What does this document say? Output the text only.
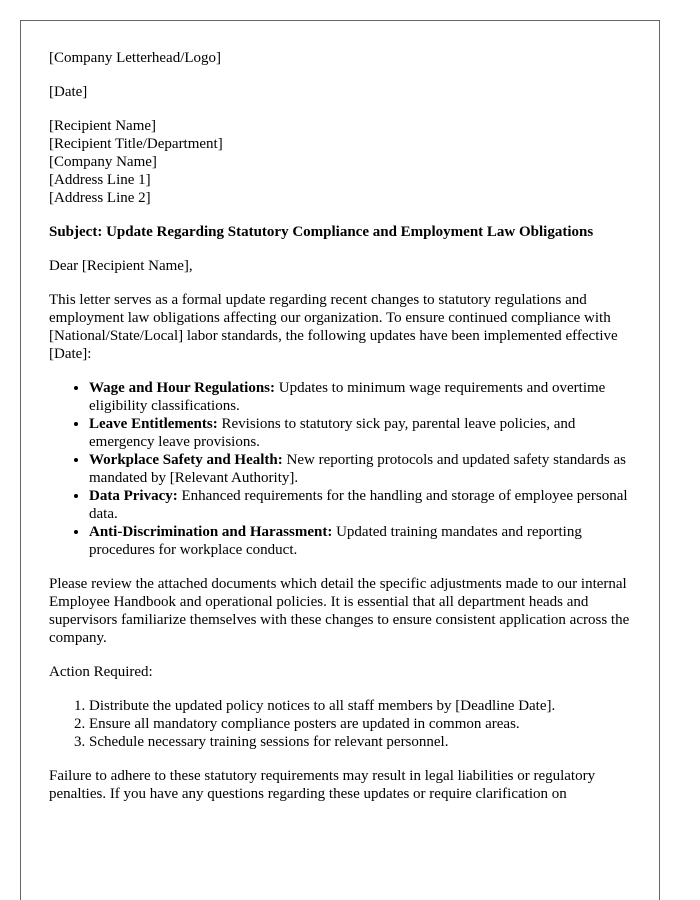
[Company Letterhead/Logo]

[Date]

[Recipient Name]

[Recipient Title/Department]

[Company Name]

[Address Line 1]

[Address Line 2]

Subject: Update Regarding Statutory Compliance and Employment Law Obligations

Dear [Recipient Name],

This letter serves as a formal update regarding recent changes to statutory regulations and employment law obligations affecting our organization. To ensure continued compliance with [National/State/Local] labor standards, the following updates have been implemented effective [Date]:

• Wage and Hour Regulations: Updates to minimum wage requirements and overtime eligibility classifications.
• Leave Entitlements: Revisions to statutory sick pay, parental leave policies, and emergency leave provisions.
• Workplace Safety and Health: New reporting protocols and updated safety standards as mandated by [Relevant Authority].
• Data Privacy: Enhanced requirements for the handling and storage of employee personal data.
• Anti-Discrimination and Harassment: Updated training mandates and reporting procedures for workplace conduct.

Please review the attached documents which detail the specific adjustments made to our internal Employee Handbook and operational policies. It is essential that all department heads and supervisors familiarize themselves with these changes to ensure consistent application across the company.

Action Required:

1. Distribute the updated policy notices to all staff members by [Deadline Date].
2. Ensure all mandatory compliance posters are updated in common areas.
3. Schedule necessary training sessions for relevant personnel.

Failure to adhere to these statutory requirements may result in legal liabilities or regulatory penalties. If you have any questions regarding these updates or require clarification on
